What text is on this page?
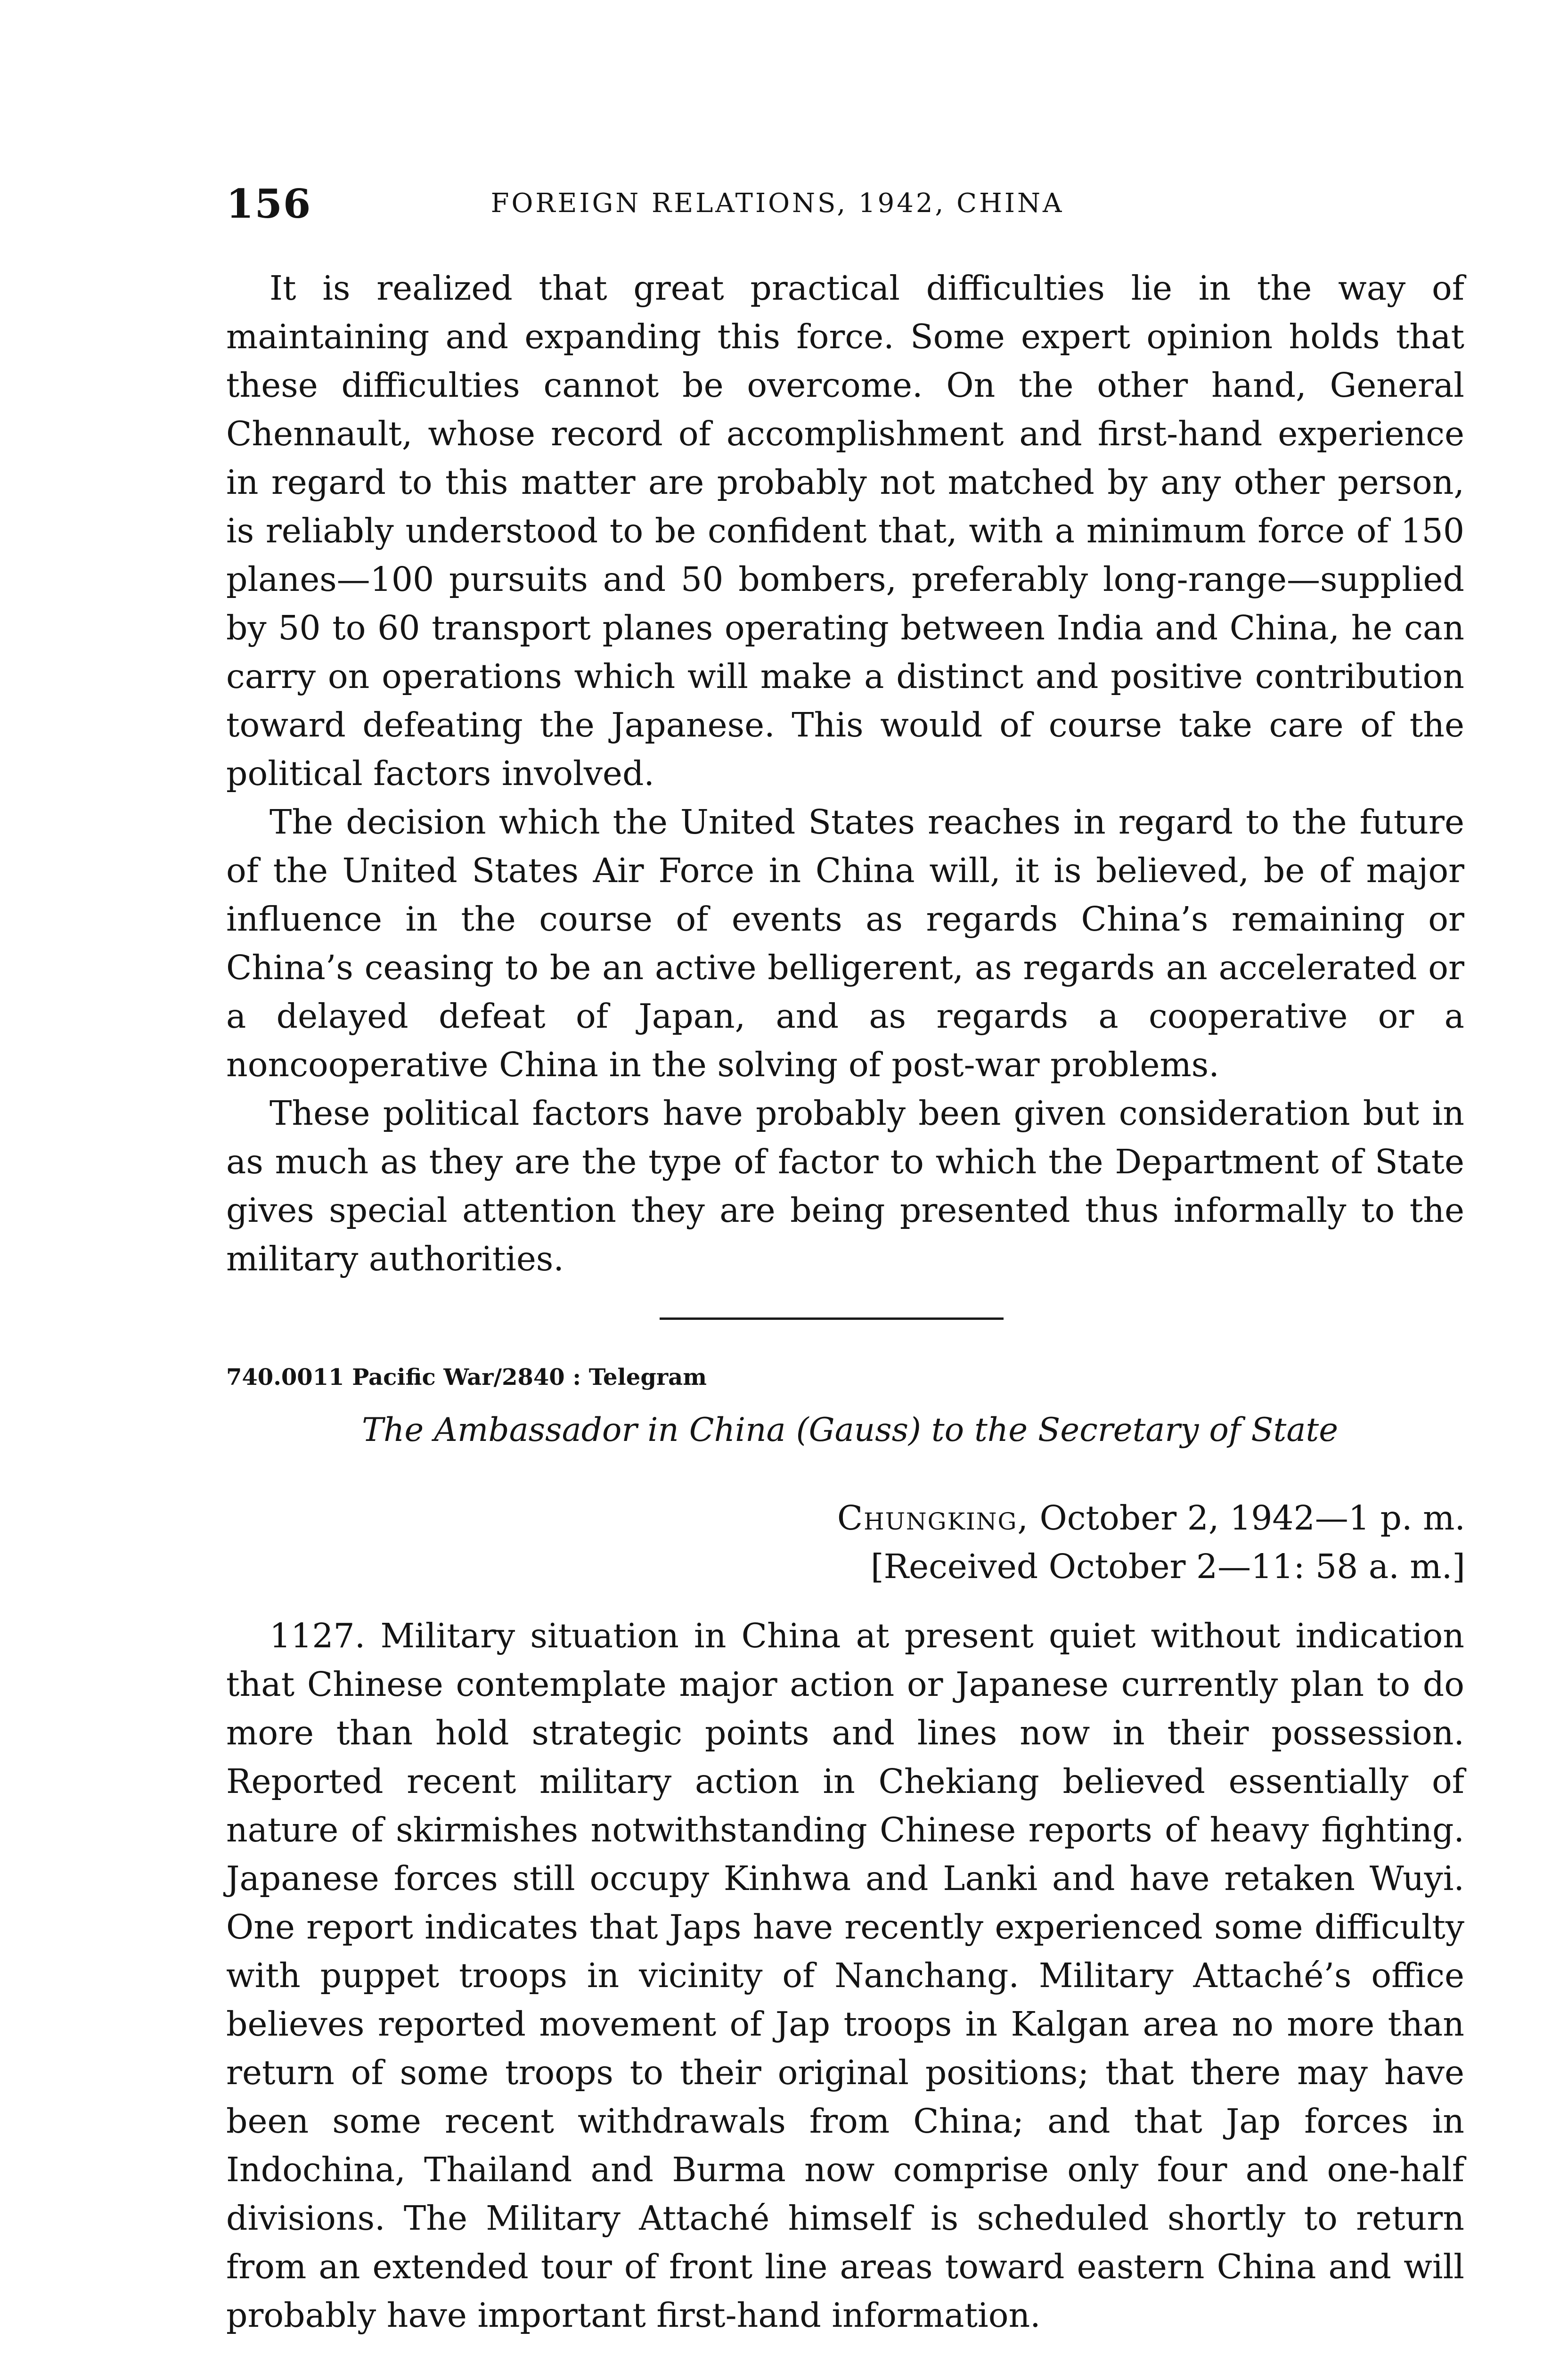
156	FOREIGN RELATIONS, 1942, CHINA

It is realized that great practical difficulties lie in the way of maintaining and expanding this force. Some expert opinion holds that these difficulties cannot be overcome. On the other hand, General Chennault, whose record of accomplishment and first-hand experience in regard to this matter are probably not matched by any other person, is reliably understood to be confident that, with a minimum force of 150 planes—100 pursuits and 50 bombers, preferably long-range—supplied by 50 to 60 transport planes operating between India and China, he can carry on operations which will make a distinct and positive contribution toward defeating the Japanese. This would of course take care of the political factors involved.

The decision which the United States reaches in regard to the future of the United States Air Force in China will, it is believed, be of major influence in the course of events as regards China’s remaining or China’s ceasing to be an active belligerent, as regards an accelerated or a delayed defeat of Japan, and as regards a cooperative or a noncooperative China in the solving of post-war problems.

These political factors have probably been given consideration but in as much as they are the type of factor to which the Department of State gives special attention they are being presented thus informally to the military authorities.

740.0011 Pacific War/2840 : Telegram
The Ambassador in China (Gauss) to the Secretary of State
Chungking, October 2, 1942—1 p. m.
[Received October 2—11: 58 a. m.]

1127. Military situation in China at present quiet without indication that Chinese contemplate major action or Japanese currently plan to do more than hold strategic points and lines now in their possession. Reported recent military action in Chekiang believed essentially of nature of skirmishes notwithstanding Chinese reports of heavy fighting. Japanese forces still occupy Kinhwa and Lanki and have retaken Wuyi. One report indicates that Japs have recently experienced some difficulty with puppet troops in vicinity of Nanchang. Military Attaché’s office believes reported movement of Jap troops in Kalgan area no more than return of some troops to their original positions; that there may have been some recent withdrawals from China; and that Jap forces in Indochina, Thailand and Burma now comprise only four and one-half divisions. The Military Attaché himself is scheduled shortly to return from an extended tour of front line areas toward eastern China and will probably have important first-hand information.
